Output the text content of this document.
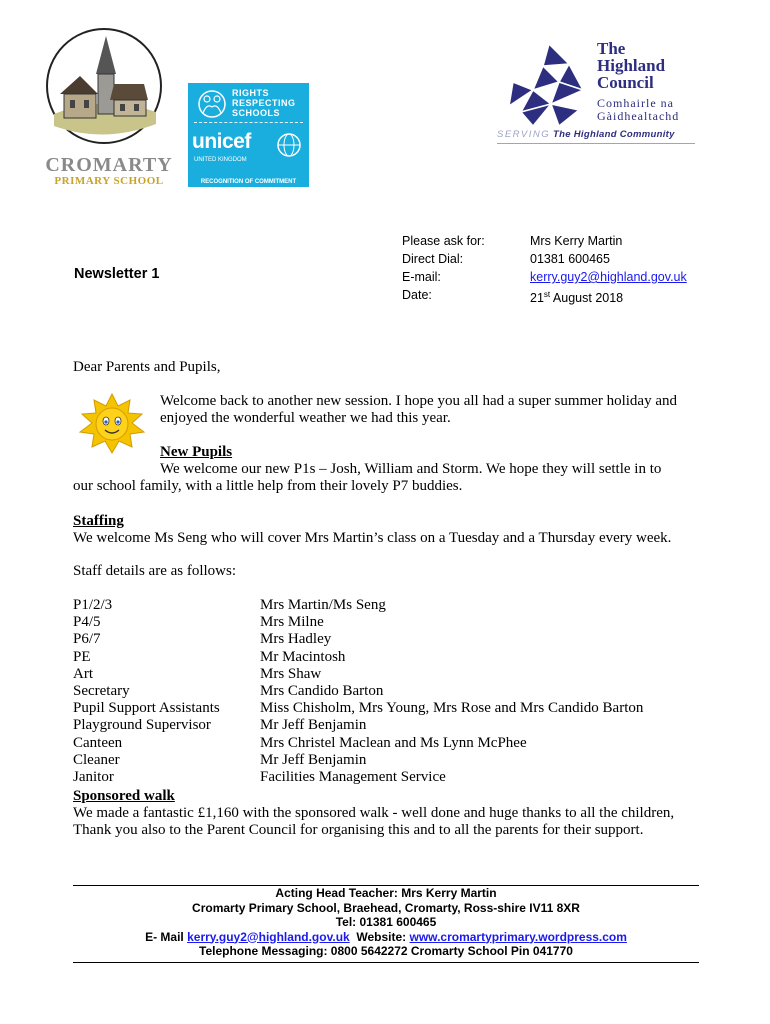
CROMARTY
PRIMARY SCHOOL
RIGHTS
RESPECTING
SCHOOLS
unicef
UNITED KINGDOM
RECOGNITION OF COMMITMENT
The
Highland
Council
Comhairle na
Gàidhealtachd
SERVING The Highland Community
Newsletter 1
Please ask for:	Mrs Kerry Martin
Direct Dial:	01381 600465
E-mail:	kerry.guy2@highland.gov.uk
Date:	21st August 2018
Dear Parents and Pupils,
Welcome back to another new session. I hope you all had a super summer holiday and
enjoyed the wonderful weather we had this year.
New Pupils
We welcome our new P1s – Josh, William and Storm. We hope they will settle in to
our school family, with a little help from their lovely P7 buddies.
Staffing
We welcome Ms Seng who will cover Mrs Martin’s class on a Tuesday and a Thursday every week.
Staff details are as follows:
P1/2/3	Mrs Martin/Ms Seng
P4/5	Mrs Milne
P6/7	Mrs Hadley
PE	Mr Macintosh
Art	Mrs Shaw
Secretary	Mrs Candido Barton
Pupil Support Assistants	Miss Chisholm, Mrs Young, Mrs Rose and Mrs Candido Barton
Playground Supervisor	Mr Jeff Benjamin
Canteen	Mrs Christel Maclean and Ms Lynn McPhee
Cleaner	Mr Jeff Benjamin
Janitor	Facilities Management Service
Sponsored walk
We made a fantastic £1,160 with the sponsored walk - well done and huge thanks to all the children,
Thank you also to the Parent Council for organising this and to all the parents for their support.
Acting Head Teacher: Mrs Kerry Martin
Cromarty Primary School, Braehead, Cromarty, Ross-shire IV11 8XR
Tel: 01381 600465
E- Mail kerry.guy2@highland.gov.uk  Website: www.cromartyprimary.wordpress.com
Telephone Messaging: 0800 5642272 Cromarty School Pin 041770
